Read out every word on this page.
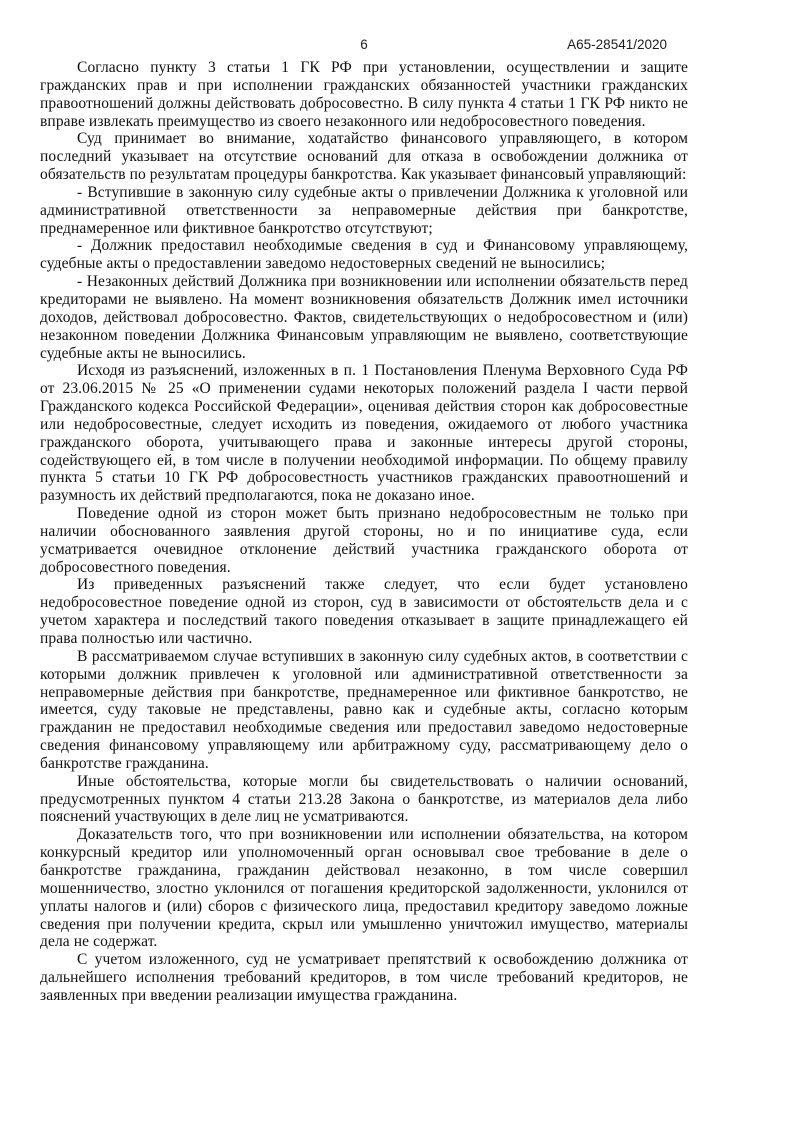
6	А65-28541/2020

Согласно пункту 3 статьи 1 ГК РФ при установлении, осуществлении и защите гражданских прав и при исполнении гражданских обязанностей участники гражданских правоотношений должны действовать добросовестно. В силу пункта 4 статьи 1 ГК РФ никто не вправе извлекать преимущество из своего незаконного или недобросовестного поведения.

Суд принимает во внимание, ходатайство финансового управляющего, в котором последний указывает на отсутствие оснований для отказа в освобождении должника от обязательств по результатам процедуры банкротства. Как указывает финансовый управляющий:

- Вступившие в законную силу судебные акты о привлечении Должника к уголовной или административной ответственности за неправомерные действия при банкротстве, преднамеренное или фиктивное банкротство отсутствуют;

- Должник предоставил необходимые сведения в суд и Финансовому управляющему, судебные акты о предоставлении заведомо недостоверных сведений не выносились;

- Незаконных действий Должника при возникновении или исполнении обязательств перед кредиторами не выявлено. На момент возникновения обязательств Должник имел источники доходов, действовал добросовестно. Фактов, свидетельствующих о недобросовестном и (или) незаконном поведении Должника Финансовым управляющим не выявлено, соответствующие судебные акты не выносились.

Исходя из разъяснений, изложенных в п. 1 Постановления Пленума Верховного Суда РФ от 23.06.2015 № 25 «О применении судами некоторых положений раздела I части первой Гражданского кодекса Российской Федерации», оценивая действия сторон как добросовестные или недобросовестные, следует исходить из поведения, ожидаемого от любого участника гражданского оборота, учитывающего права и законные интересы другой стороны, содействующего ей, в том числе в получении необходимой информации. По общему правилу пункта 5 статьи 10 ГК РФ добросовестность участников гражданских правоотношений и разумность их действий предполагаются, пока не доказано иное.

Поведение одной из сторон может быть признано недобросовестным не только при наличии обоснованного заявления другой стороны, но и по инициативе суда, если усматривается очевидное отклонение действий участника гражданского оборота от добросовестного поведения.

Из приведенных разъяснений также следует, что если будет установлено недобросовестное поведение одной из сторон, суд в зависимости от обстоятельств дела и с учетом характера и последствий такого поведения отказывает в защите принадлежащего ей права полностью или частично.

В рассматриваемом случае вступивших в законную силу судебных актов, в соответствии с которыми должник привлечен к уголовной или административной ответственности за неправомерные действия при банкротстве, преднамеренное или фиктивное банкротство, не имеется, суду таковые не представлены, равно как и судебные акты, согласно которым гражданин не предоставил необходимые сведения или предоставил заведомо недостоверные сведения финансовому управляющему или арбитражному суду, рассматривающему дело о банкротстве гражданина.

Иные обстоятельства, которые могли бы свидетельствовать о наличии оснований, предусмотренных пунктом 4 статьи 213.28 Закона о банкротстве, из материалов дела либо пояснений участвующих в деле лиц не усматриваются.

Доказательств того, что при возникновении или исполнении обязательства, на котором конкурсный кредитор или уполномоченный орган основывал свое требование в деле о банкротстве гражданина, гражданин действовал незаконно, в том числе совершил мошенничество, злостно уклонился от погашения кредиторской задолженности, уклонился от уплаты налогов и (или) сборов с физического лица, предоставил кредитору заведомо ложные сведения при получении кредита, скрыл или умышленно уничтожил имущество, материалы дела не содержат.

С учетом изложенного, суд не усматривает препятствий к освобождению должника от дальнейшего исполнения требований кредиторов, в том числе требований кредиторов, не заявленных при введении реализации имущества гражданина.
